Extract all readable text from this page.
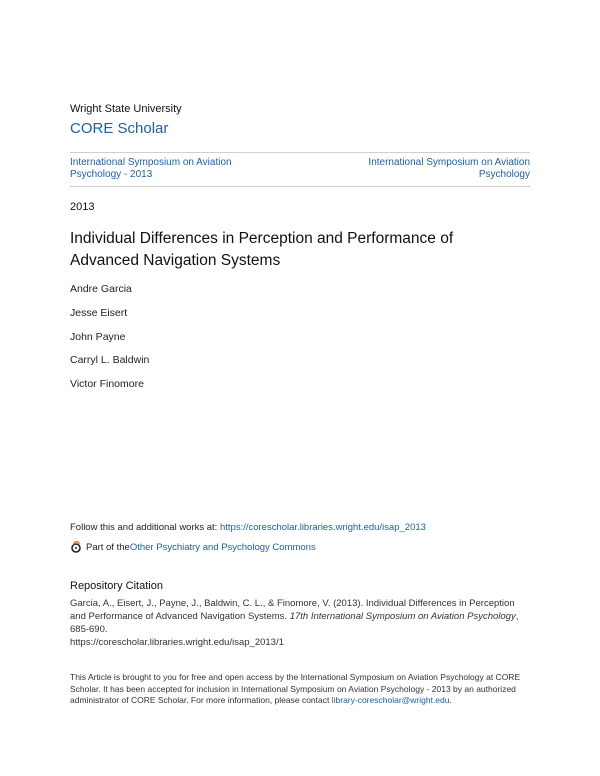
Wright State University
CORE Scholar
International Symposium on Aviation Psychology - 2013
International Symposium on Aviation Psychology
2013
Individual Differences in Perception and Performance of Advanced Navigation Systems
Andre Garcia
Jesse Eisert
John Payne
Carryl L. Baldwin
Victor Finomore
Follow this and additional works at: https://corescholar.libraries.wright.edu/isap_2013
Part of the Other Psychiatry and Psychology Commons
Repository Citation
Garcia, A., Eisert, J., Payne, J., Baldwin, C. L., & Finomore, V. (2013). Individual Differences in Perception and Performance of Advanced Navigation Systems. 17th International Symposium on Aviation Psychology, 685-690.
https://corescholar.libraries.wright.edu/isap_2013/1
This Article is brought to you for free and open access by the International Symposium on Aviation Psychology at CORE Scholar. It has been accepted for inclusion in International Symposium on Aviation Psychology - 2013 by an authorized administrator of CORE Scholar. For more information, please contact library-corescholar@wright.edu.
